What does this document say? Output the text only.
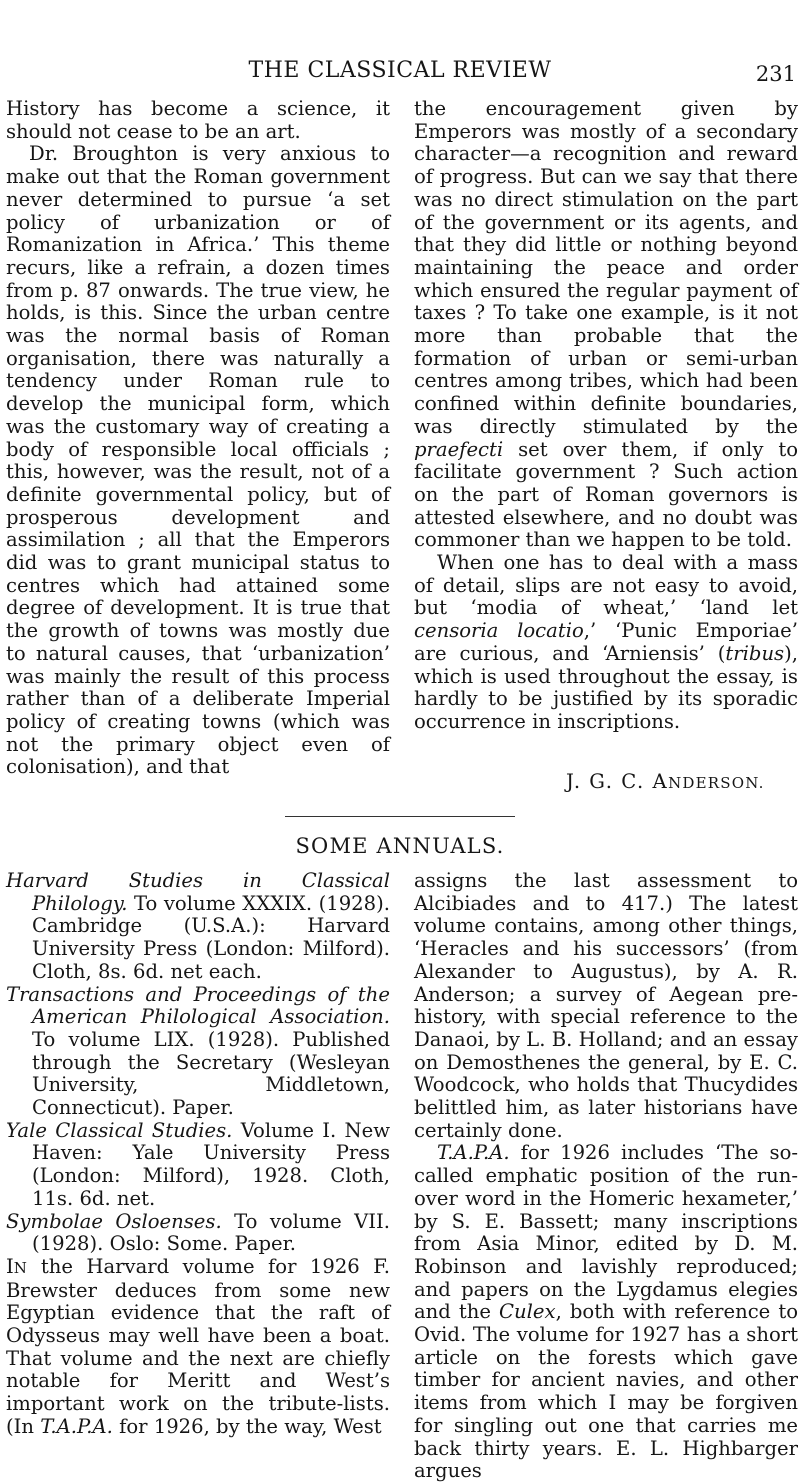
THE CLASSICAL REVIEW	231

History has become a science, it should not cease to be an art.

Dr. Broughton is very anxious to make out that the Roman government never determined to pursue ‘a set policy of urbanization or of Romanization in Africa.’ This theme recurs, like a refrain, a dozen times from p. 87 onwards. The true view, he holds, is this. Since the urban centre was the normal basis of Roman organisation, there was naturally a tendency under Roman rule to develop the municipal form, which was the customary way of creating a body of responsible local officials ; this, however, was the result, not of a definite governmental policy, but of prosperous development and assimilation ; all that the Emperors did was to grant municipal status to centres which had attained some degree of development. It is true that the growth of towns was mostly due to natural causes, that ‘urbanization’ was mainly the result of this process rather than of a deliberate Imperial policy of creating towns (which was not the primary object even of colonisation), and that

the encouragement given by Emperors was mostly of a secondary character—a recognition and reward of progress. But can we say that there was no direct stimulation on the part of the government or its agents, and that they did little or nothing beyond maintaining the peace and order which ensured the regular payment of taxes ? To take one example, is it not more than probable that the formation of urban or semi-urban centres among tribes, which had been confined within definite boundaries, was directly stimulated by the praefecti set over them, if only to facilitate government ? Such action on the part of Roman governors is attested elsewhere, and no doubt was commoner than we happen to be told.

When one has to deal with a mass of detail, slips are not easy to avoid, but ‘modia of wheat,’ ‘land let censoria locatio,’ ‘Punic Emporiae’ are curious, and ‘Arniensis’ (tribus), which is used throughout the essay, is hardly to be justified by its sporadic occurrence in inscriptions.

J. G. C. ANDERSON.
SOME ANNUALS.

Harvard Studies in Classical Philology. To volume XXXIX. (1928). Cambridge (U.S.A.): Harvard University Press (London: Milford). Cloth, 8s. 6d. net each.

Transactions and Proceedings of the American Philological Association. To volume LIX. (1928). Published through the Secretary (Wesleyan University, Middletown, Connecticut). Paper.

Yale Classical Studies. Volume I. New Haven: Yale University Press (London: Milford), 1928. Cloth, 11s. 6d. net.

Symbolae Osloenses. To volume VII. (1928). Oslo: Some. Paper.

IN the Harvard volume for 1926 F. Brewster deduces from some new Egyptian evidence that the raft of Odysseus may well have been a boat. That volume and the next are chiefly notable for Meritt and West’s important work on the tribute-lists. (In T.A.P.A. for 1926, by the way, West

assigns the last assessment to Alcibiades and to 417.) The latest volume contains, among other things, ‘Heracles and his successors’ (from Alexander to Augustus), by A. R. Anderson; a survey of Aegean pre-history, with special reference to the Danaoi, by L. B. Holland; and an essay on Demosthenes the general, by E. C. Woodcock, who holds that Thucydides belittled him, as later historians have certainly done.

T.A.P.A. for 1926 includes ‘The so-called emphatic position of the run-over word in the Homeric hexameter,’ by S. E. Bassett; many inscriptions from Asia Minor, edited by D. M. Robinson and lavishly reproduced; and papers on the Lygdamus elegies and the Culex, both with reference to Ovid. The volume for 1927 has a short article on the forests which gave timber for ancient navies, and other items from which I may be forgiven for singling out one that carries me back thirty years. E. L. Highbarger argues
